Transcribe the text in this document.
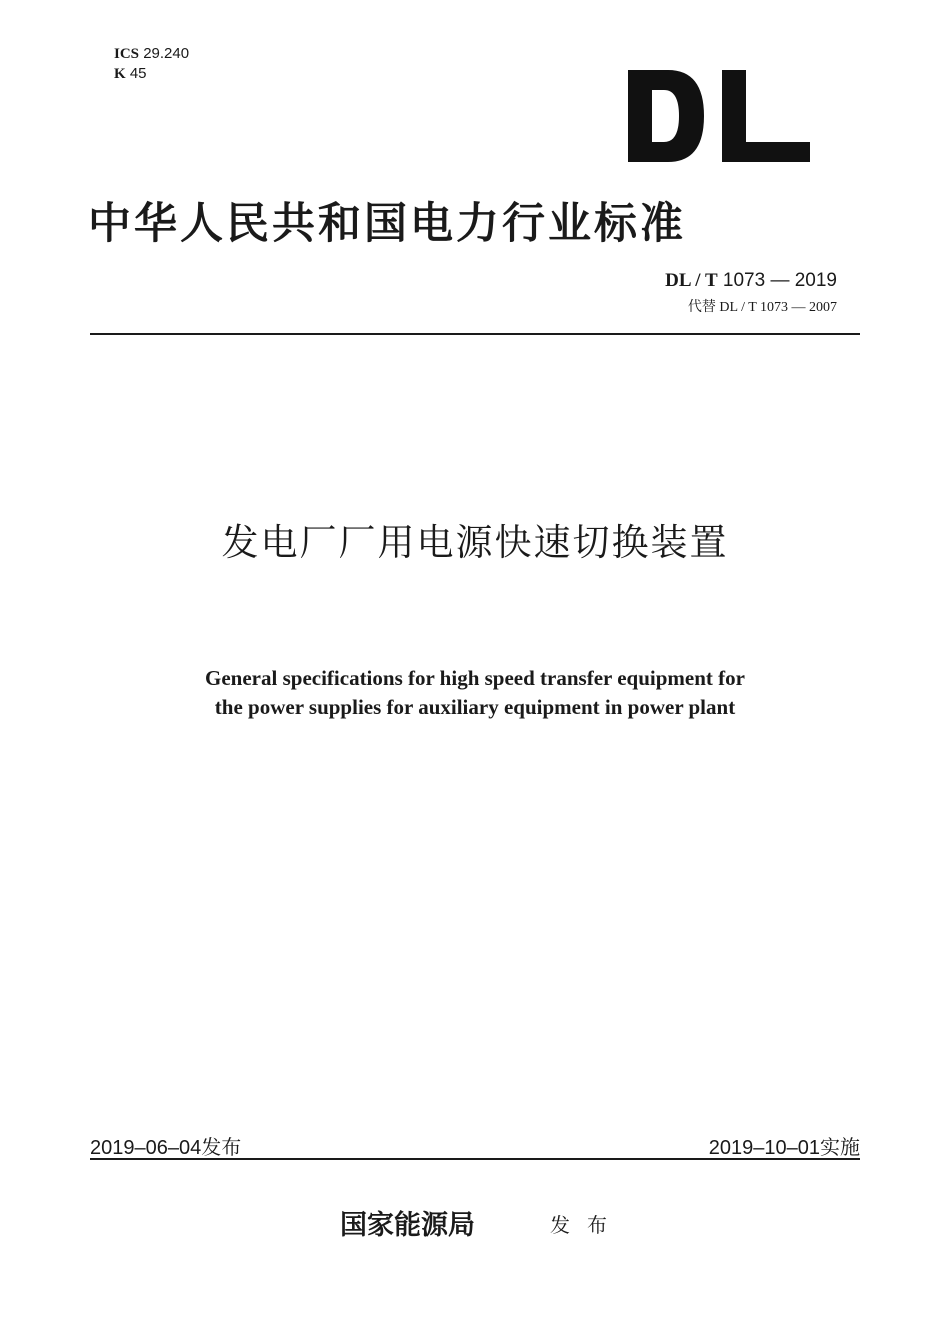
ICS 29.240
K 45
中华人民共和国电力行业标准
DL / T 1073 — 2019
代替 DL / T 1073 — 2007
发电厂厂用电源快速切换装置
General specifications for high speed transfer equipment for
the power supplies for auxiliary equipment in power plant
2019–06–04发布	2019–10–01实施
国家能源局	发布
